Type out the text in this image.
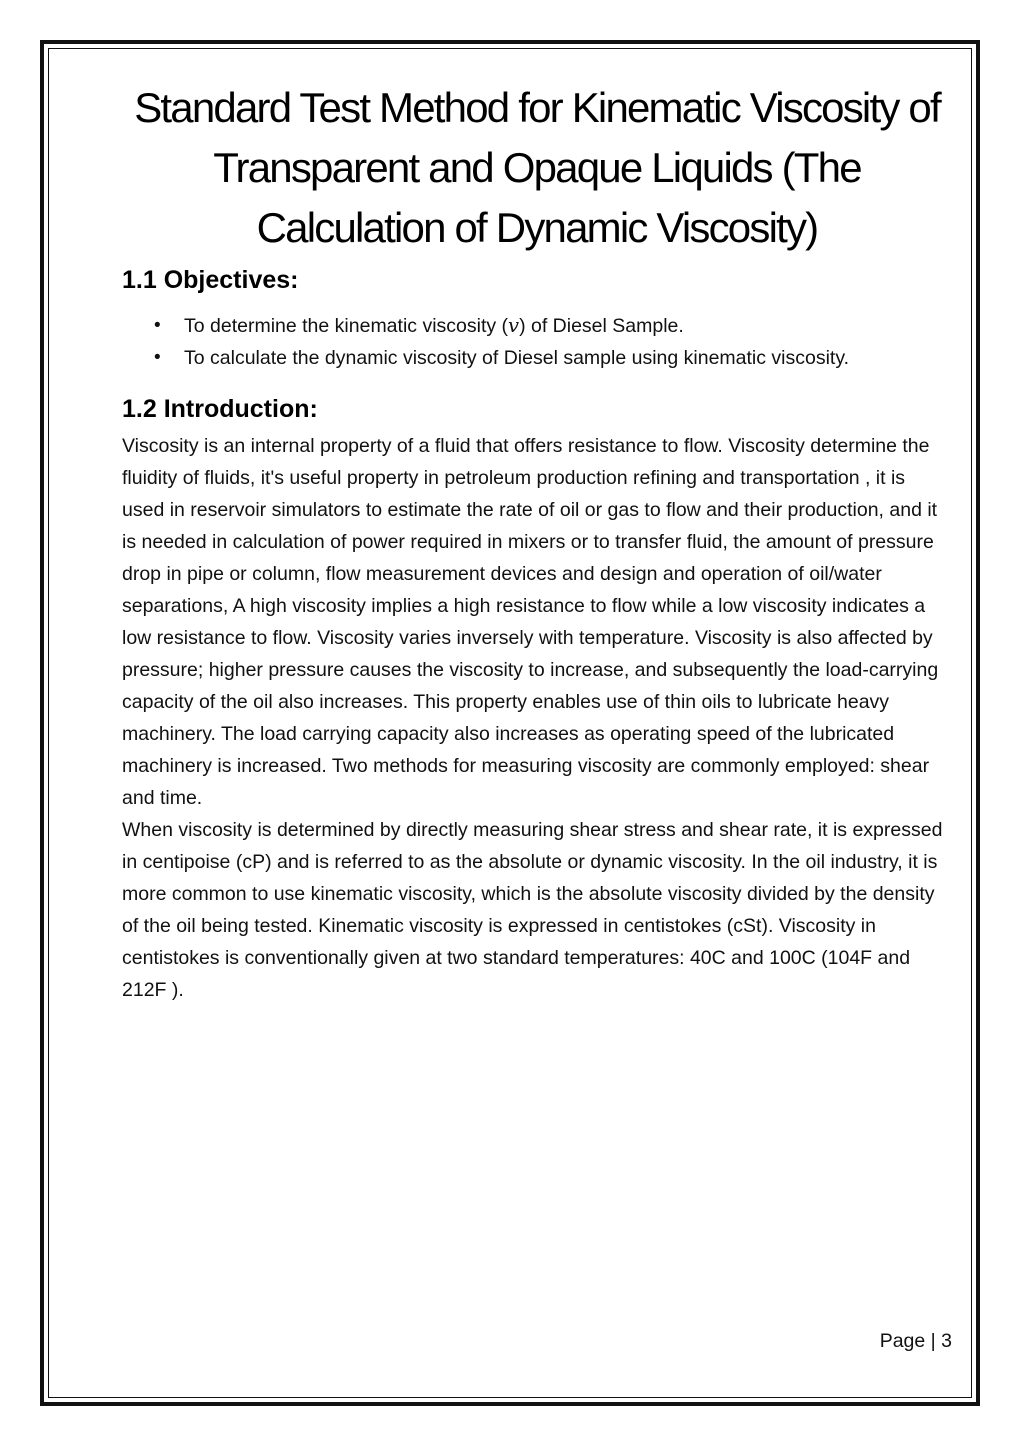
Standard Test Method for Kinematic Viscosity of Transparent and Opaque Liquids (The Calculation of Dynamic Viscosity)
1.1 Objectives:
• To determine the kinematic viscosity (𝑣) of Diesel Sample.
• To calculate the dynamic viscosity of Diesel sample using kinematic viscosity.
1.2 Introduction:

Viscosity is an internal property of a fluid that offers resistance to flow. Viscosity determine the fluidity of fluids, it's useful property in petroleum production refining and transportation , it is used in reservoir simulators to estimate the rate of oil or gas to flow and their production, and it is needed in calculation of power required in mixers or to transfer fluid, the amount of pressure drop in pipe or column, flow measurement devices and design and operation of oil/water separations, A high viscosity implies a high resistance to flow while a low viscosity indicates a low resistance to flow. Viscosity varies inversely with temperature. Viscosity is also affected by pressure; higher pressure causes the viscosity to increase, and subsequently the load-carrying capacity of the oil also increases. This property enables use of thin oils to lubricate heavy machinery. The load carrying capacity also increases as operating speed of the lubricated machinery is increased. Two methods for measuring viscosity are commonly employed: shear and time.

When viscosity is determined by directly measuring shear stress and shear rate, it is expressed in centipoise (cP) and is referred to as the absolute or dynamic viscosity. In the oil industry, it is more common to use kinematic viscosity, which is the absolute viscosity divided by the density of the oil being tested. Kinematic viscosity is expressed in centistokes (cSt). Viscosity in centistokes is conventionally given at two standard temperatures: 40C and 100C (104F and 212F ).

Page | 3
